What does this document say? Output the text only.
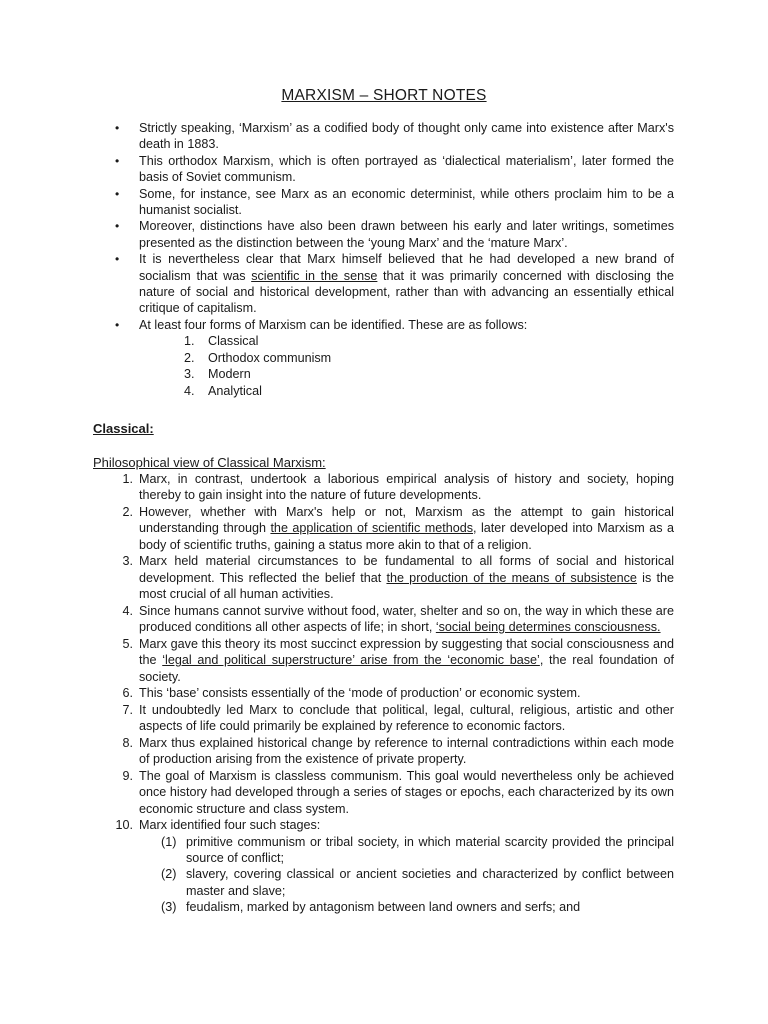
MARXISM – SHORT NOTES
• Strictly speaking, ‘Marxism’ as a codified body of thought only came into existence after Marx's death in 1883.
• This orthodox Marxism, which is often portrayed as ‘dialectical materialism’, later formed the basis of Soviet communism.
• Some, for instance, see Marx as an economic determinist, while others proclaim him to be a humanist socialist.
• Moreover, distinctions have also been drawn between his early and later writings, sometimes presented as the distinction between the ‘young Marx’ and the ‘mature Marx’.
• It is nevertheless clear that Marx himself believed that he had developed a new brand of socialism that was scientific in the sense that it was primarily concerned with disclosing the nature of social and historical development, rather than with advancing an essentially ethical critique of capitalism.
• At least four forms of Marxism can be identified. These are as follows:
1. Classical
2. Orthodox communism
3. Modern
4. Analytical
Classical:
Philosophical view of Classical Marxism:
1. Marx, in contrast, undertook a laborious empirical analysis of history and society, hoping thereby to gain insight into the nature of future developments.
2. However, whether with Marx's help or not, Marxism as the attempt to gain historical understanding through the application of scientific methods, later developed into Marxism as a body of scientific truths, gaining a status more akin to that of a religion.
3. Marx held material circumstances to be fundamental to all forms of social and historical development. This reflected the belief that the production of the means of subsistence is the most crucial of all human activities.
4. Since humans cannot survive without food, water, shelter and so on, the way in which these are produced conditions all other aspects of life; in short, ‘social being determines consciousness.
5. Marx gave this theory its most succinct expression by suggesting that social consciousness and the ‘legal and political superstructure’ arise from the ‘economic base’, the real foundation of society.
6. This ‘base’ consists essentially of the ‘mode of production’ or economic system.
7. It undoubtedly led Marx to conclude that political, legal, cultural, religious, artistic and other aspects of life could primarily be explained by reference to economic factors.
8. Marx thus explained historical change by reference to internal contradictions within each mode of production arising from the existence of private property.
9. The goal of Marxism is classless communism. This goal would nevertheless only be achieved once history had developed through a series of stages or epochs, each characterized by its own economic structure and class system.
10. Marx identified four such stages:
(1) primitive communism or tribal society, in which material scarcity provided the principal source of conflict;
(2) slavery, covering classical or ancient societies and characterized by conflict between master and slave;
(3) feudalism, marked by antagonism between land owners and serfs; and
